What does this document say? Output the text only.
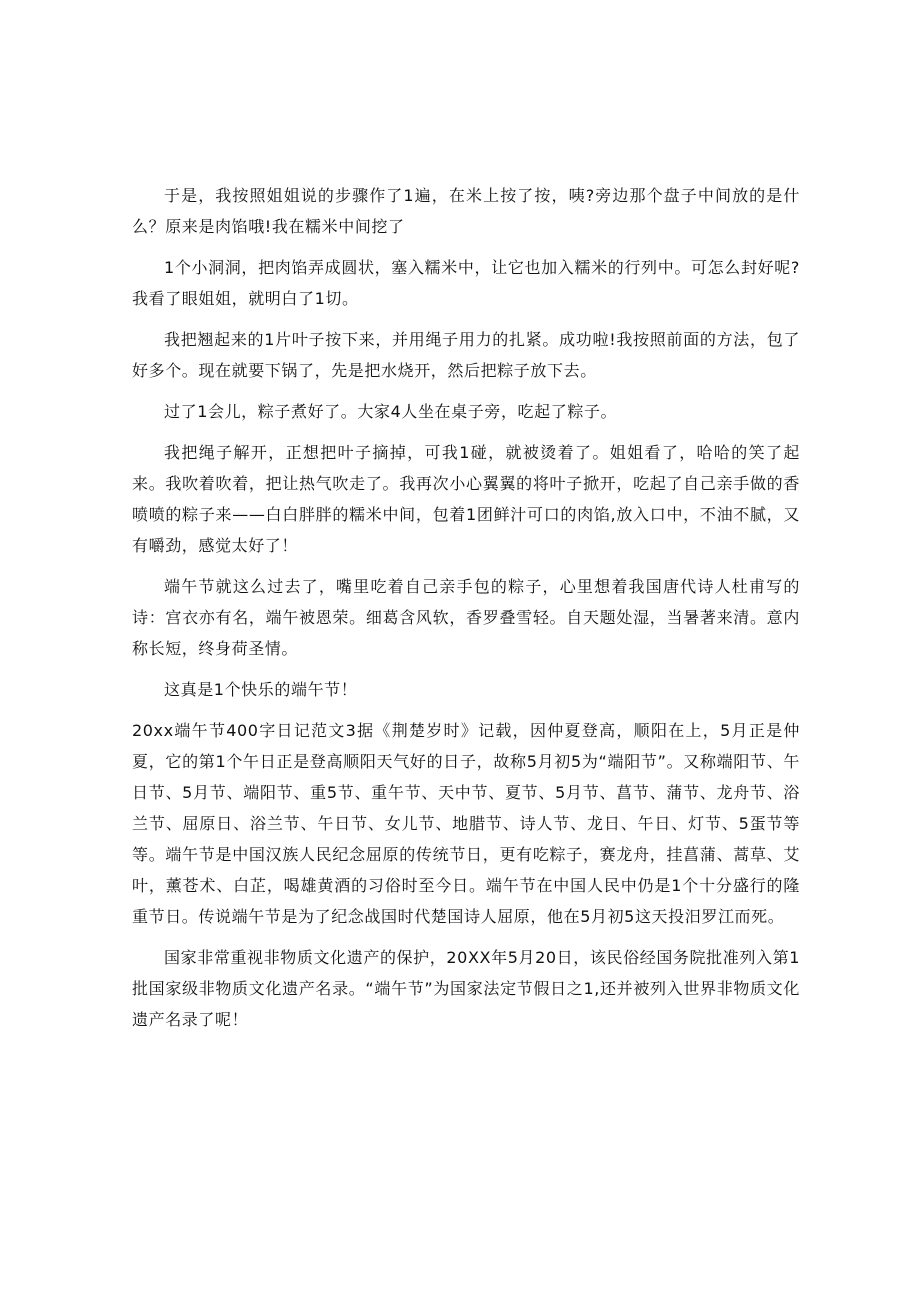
于是，我按照姐姐说的步骤作了1遍，在米上按了按，咦?旁边那个盘子中间放的是什么？原来是肉馅哦!我在糯米中间挖了

1个小洞洞，把肉馅弄成圆状，塞入糯米中，让它也加入糯米的行列中。可怎么封好呢?我看了眼姐姐，就明白了1切。

我把翘起来的1片叶子按下来，并用绳子用力的扎紧。成功啦!我按照前面的方法，包了好多个。现在就要下锅了，先是把水烧开，然后把粽子放下去。

过了1会儿，粽子煮好了。大家4人坐在桌子旁，吃起了粽子。

我把绳子解开，正想把叶子摘掉，可我1碰，就被烫着了。姐姐看了，哈哈的笑了起来。我吹着吹着，把让热气吹走了。我再次小心翼翼的将叶子掀开，吃起了自己亲手做的香喷喷的粽子来——白白胖胖的糯米中间，包着1团鲜汁可口的肉馅,放入口中，不油不腻，又有嚼劲，感觉太好了！

端午节就这么过去了，嘴里吃着自己亲手包的粽子，心里想着我国唐代诗人杜甫写的诗：宫衣亦有名，端午被恩荣。细葛含风软，香罗叠雪轻。自天题处湿，当暑著来清。意内称长短，终身荷圣情。

这真是1个快乐的端午节！

20xx端午节400字日记范文3据《荆楚岁时》记载，因仲夏登高，顺阳在上，5月正是仲夏，它的第1个午日正是登高顺阳天气好的日子，故称5月初5为“端阳节”。又称端阳节、午日节、5月节、端阳节、重5节、重午节、天中节、夏节、5月节、菖节、蒲节、龙舟节、浴兰节、屈原日、浴兰节、午日节、女儿节、地腊节、诗人节、龙日、午日、灯节、5蛋节等等。端午节是中国汉族人民纪念屈原的传统节日，更有吃粽子，赛龙舟，挂菖蒲、蒿草、艾叶，薰苍术、白芷，喝雄黄酒的习俗时至今日。端午节在中国人民中仍是1个十分盛行的隆重节日。传说端午节是为了纪念战国时代楚国诗人屈原，他在5月初5这天投汨罗江而死。

国家非常重视非物质文化遗产的保护，20XX年5月20日，该民俗经国务院批准列入第1批国家级非物质文化遗产名录。“端午节”为国家法定节假日之1,还并被列入世界非物质文化遗产名录了呢！
